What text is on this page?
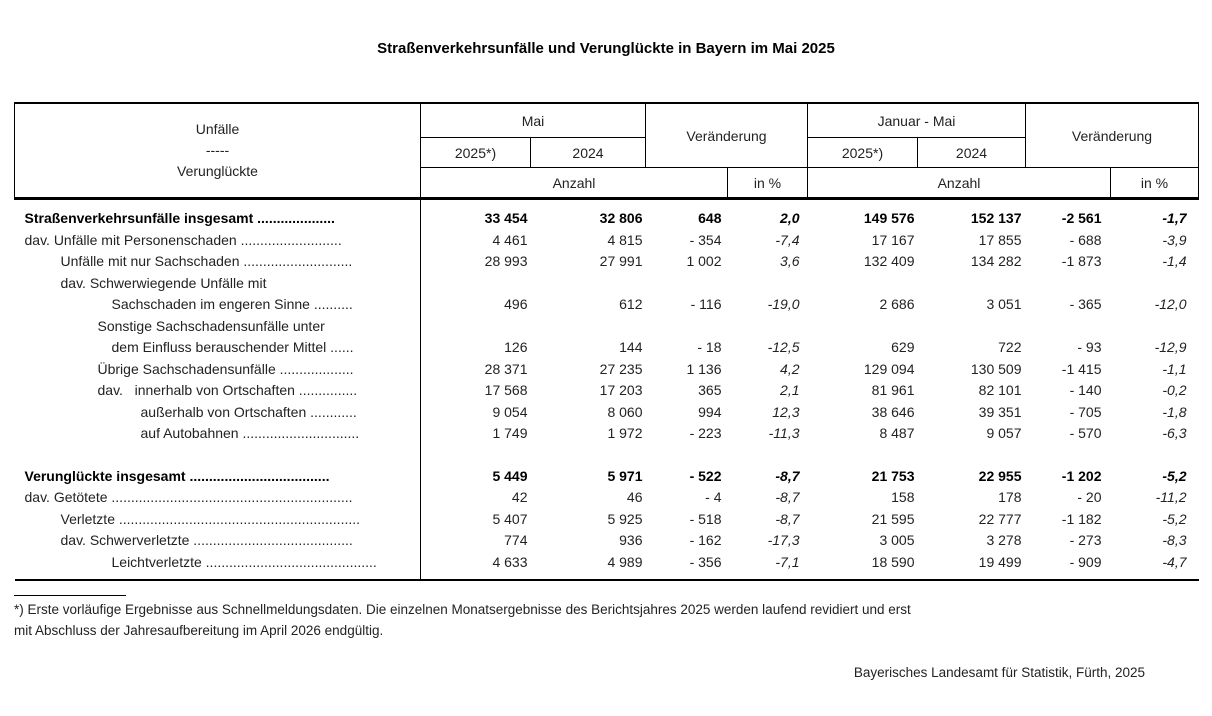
Straßenverkehrsunfälle und Verunglückte in Bayern im Mai 2025
Unfälle
-----
Verunglückte	Mai		Veränderung		Januar - Mai		Veränderung	
	2025*)	2024			2025*)	2024		
	Anzahl			in %	Anzahl			in %

Straßenverkehrsunfälle insgesamt ....................	33 454	32 806	648	2,0	149 576	152 137	-2 561	-1,7
dav. Unfälle mit Personenschaden ..........................	4 461	4 815	- 354	-7,4	17 167	17 855	- 688	-3,9
Unfälle mit nur Sachschaden ............................	28 993	27 991	1 002	3,6	132 409	134 282	-1 873	-1,4
dav. Schwerwiegende Unfälle mit								
Sachschaden im engeren Sinne ..........	496	612	- 116	-19,0	2 686	3 051	- 365	-12,0
Sonstige Sachschadensunfälle unter								
dem Einfluss berauschender Mittel ......	126	144	- 18	-12,5	629	722	- 93	-12,9
Übrige Sachschadensunfälle ...................	28 371	27 235	1 136	4,2	129 094	130 509	-1 415	-1,1
dav.   innerhalb von Ortschaften ...............	17 568	17 203	365	2,1	81 961	82 101	- 140	-0,2
außerhalb von Ortschaften ............	9 054	8 060	994	12,3	38 646	39 351	- 705	-1,8
auf Autobahnen ..............................	1 749	1 972	- 223	-11,3	8 487	9 057	- 570	-6,3

Verunglückte insgesamt ....................................	5 449	5 971	- 522	-8,7	21 753	22 955	-1 202	-5,2
dav. Getötete ..............................................................	42	46	- 4	-8,7	158	178	- 20	-11,2
Verletzte ..............................................................	5 407	5 925	- 518	-8,7	21 595	22 777	-1 182	-5,2
dav. Schwerverletzte .........................................	774	936	- 162	-17,3	3 005	3 278	- 273	-8,3
Leichtverletzte ............................................	4 633	4 989	- 356	-7,1	18 590	19 499	- 909	-4,7

*) Erste vorläufige Ergebnisse aus Schnellmeldungsdaten. Die einzelnen Monatsergebnisse des Berichtsjahres 2025 werden laufend revidiert und erst
mit Abschluss der Jahresaufbereitung im April 2026 endgültig.

Bayerisches Landesamt für Statistik, Fürth, 2025
